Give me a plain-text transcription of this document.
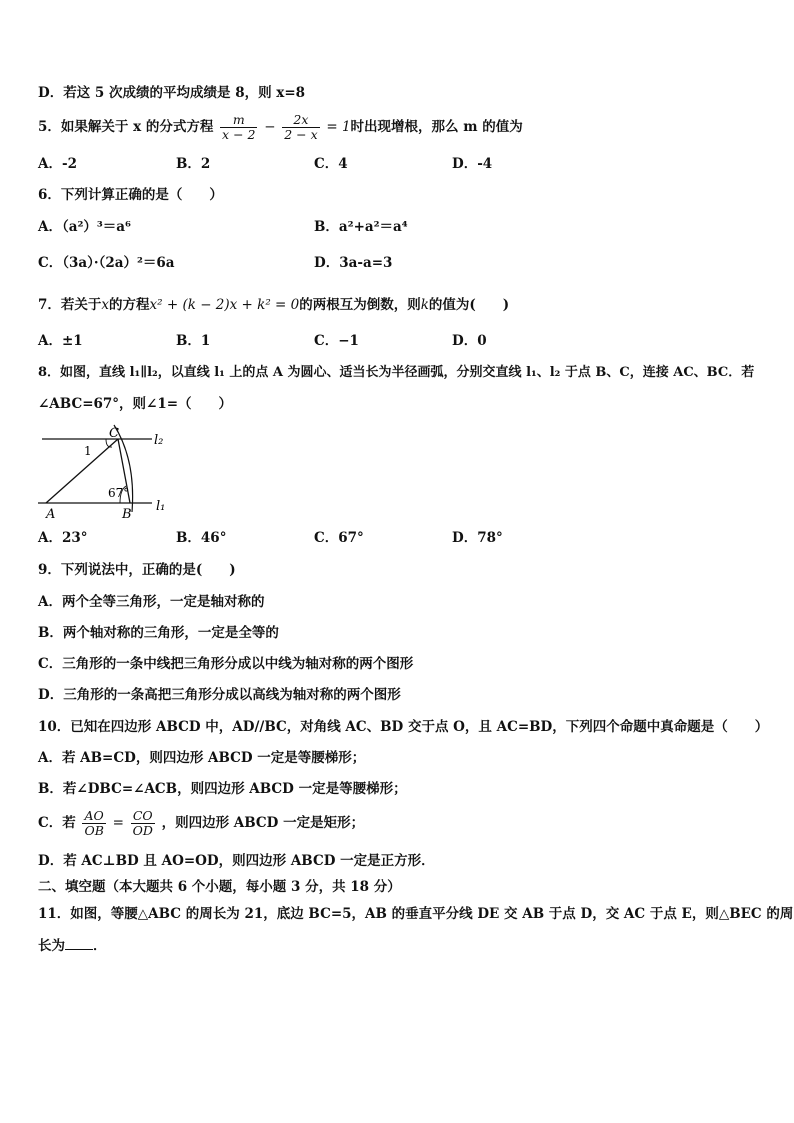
D．若这 5 次成绩的平均成绩是 8，则 x=8
5．如果解关于 x 的分式方程 $\frac{m}{x - 2} - \frac{2x}{2 - x} = 1$时出现增根，那么 m 的值为
A．-2	B．2	C．4	D．-4
6．下列计算正确的是（　　）
A．（a²）³＝a⁶	B．a²+a²＝a⁴
C．（3a）·（2a）²＝6a	D．3a-a=3
7．若关于x的方程x² + (k − 2)x + k² = 0的两根互为倒数，则k的值为(　　)
A．±1	B．1	C．−1	D．0
8．如图，直线 l₁∥l₂，以直线 l₁ 上的点 A 为圆心、适当长为半径画弧，分别交直线 l₁、l₂ 于点 B、C，连接 AC、BC．若
∠ABC=67°，则∠1=（　　）
C	l₂
1
67°
A	B
l₁
A．23°	B．46°	C．67°	D．78°
9．下列说法中，正确的是(　　)
A．两个全等三角形，一定是轴对称的
B．两个轴对称的三角形，一定是全等的
C．三角形的一条中线把三角形分成以中线为轴对称的两个图形
D．三角形的一条高把三角形分成以高线为轴对称的两个图形
10．已知在四边形 ABCD 中，AD//BC，对角线 AC、BD 交于点 O，且 AC=BD，下列四个命题中真命题是（　　）
A．若 AB=CD，则四边形 ABCD 一定是等腰梯形；
B．若∠DBC=∠ACB，则四边形 ABCD 一定是等腰梯形；
C．若 $\frac{AO}{OB} = \frac{CO}{OD}$ ，则四边形 ABCD 一定是矩形；
D．若 AC⊥BD 且 AO=OD，则四边形 ABCD 一定是正方形．
二、填空题（本大题共 6 个小题，每小题 3 分，共 18 分）
11．如图，等腰△ABC 的周长为 21，底边 BC=5，AB 的垂直平分线 DE 交 AB 于点 D，交 AC 于点 E，则△BEC 的周
长为 ．
